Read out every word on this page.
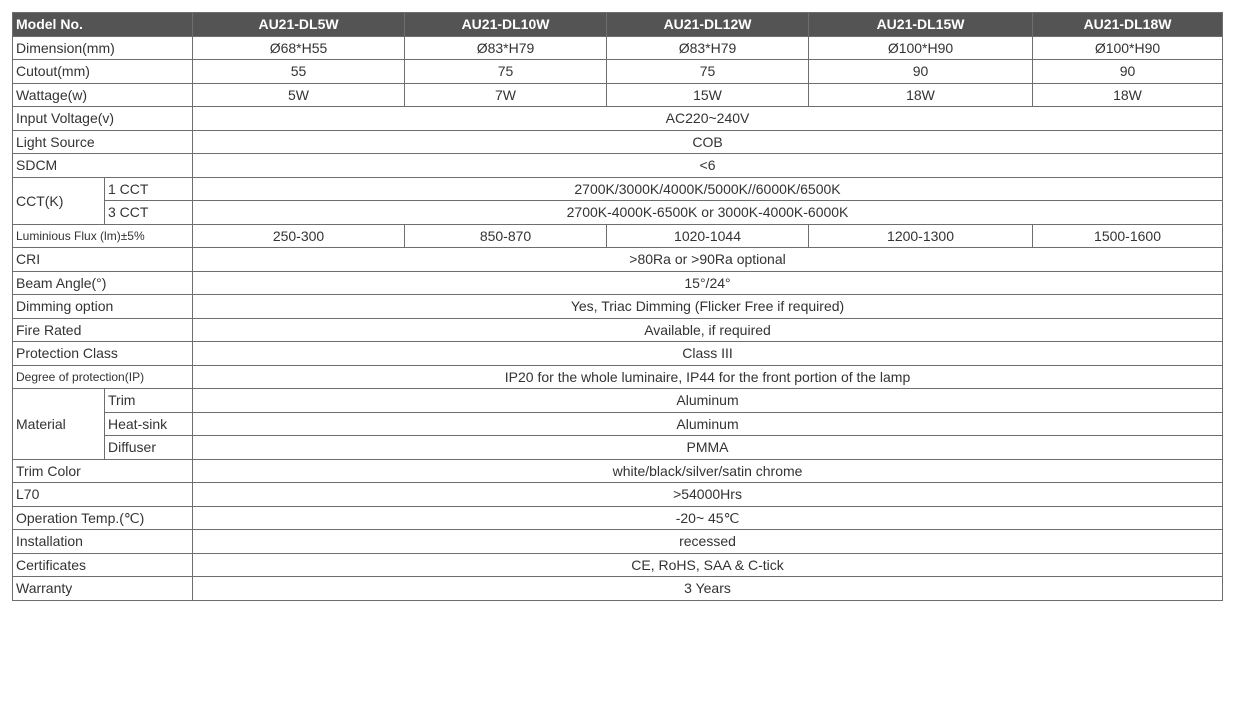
Model No.		AU21-DL5W	AU21-DL10W	AU21-DL12W	AU21-DL15W	AU21-DL18W
Dimension(mm)		Ø68*H55	Ø83*H79	Ø83*H79	Ø100*H90	Ø100*H90
Cutout(mm)		55	75	75	90	90
Wattage(w)		5W	7W	15W	18W	18W
Input Voltage(v)		AC220~240V				
Light Source		COB				
SDCM		<6				
CCT(K)	1 CCT	2700K/3000K/4000K/5000K//6000K/6500K				
	3 CCT	2700K-4000K-6500K or 3000K-4000K-6000K				
Luminious Flux (lm)±5%		250-300	850-870	1020-1044	1200-1300	1500-1600
CRI		>80Ra or >90Ra optional				
Beam Angle(°)		15°/24°				
Dimming option		Yes, Triac Dimming (Flicker Free if required)				
Fire Rated		Available, if required				
Protection Class		Class III				
Degree of protection(IP)		IP20 for the whole luminaire, IP44 for the front portion of the lamp				
Material	Trim	Aluminum				
	Heat-sink	Aluminum				
	Diffuser	PMMA				
Trim Color		white/black/silver/satin chrome				
L70		>54000Hrs				
Operation Temp.(℃)		-20~ 45℃				
Installation		recessed				
Certificates		CE, RoHS, SAA & C-tick				
Warranty		3 Years				
